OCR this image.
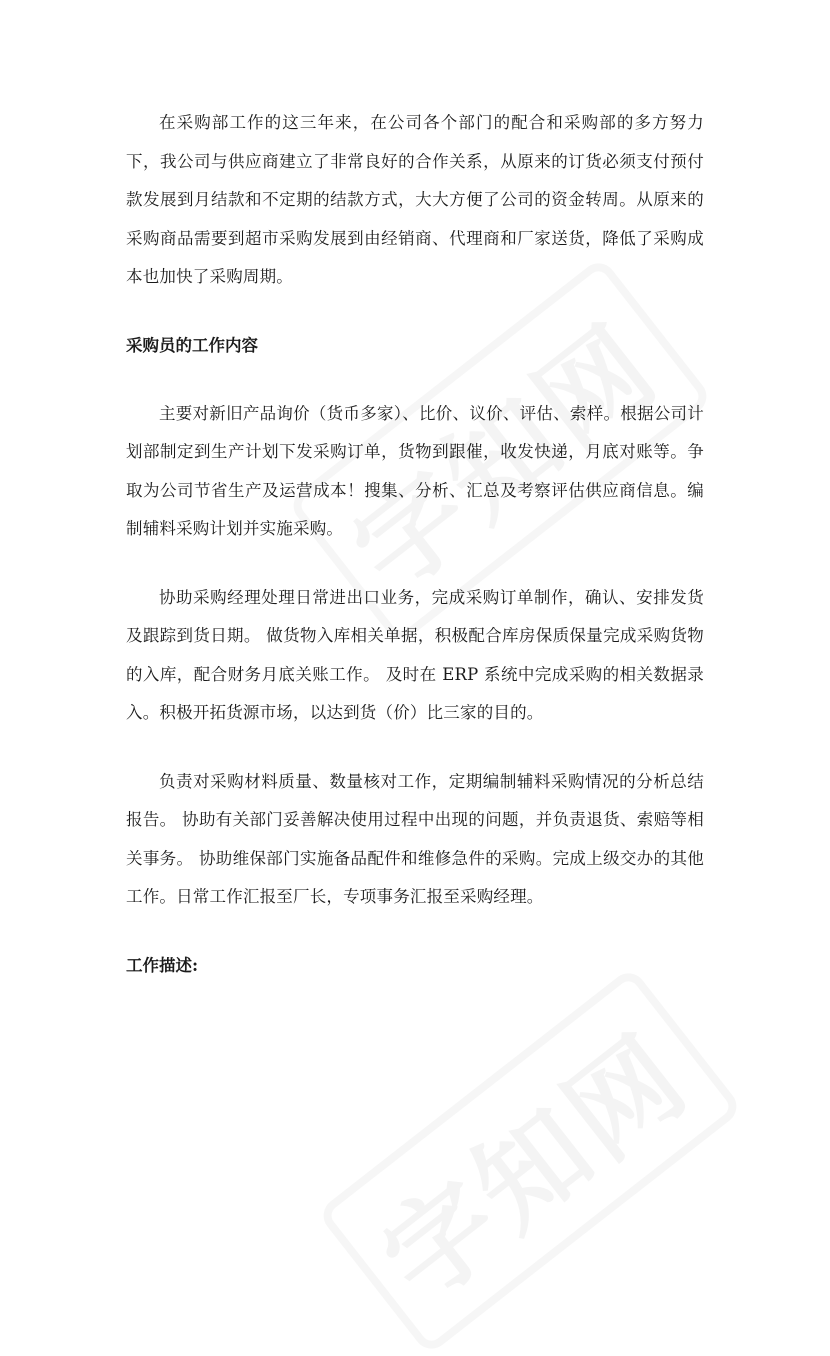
在采购部工作的这三年来，在公司各个部门的配合和采购部的多方努力下，我公司与供应商建立了非常良好的合作关系，从原来的订货必须支付预付款发展到月结款和不定期的结款方式，大大方便了公司的资金转周。从原来的采购商品需要到超市采购发展到由经销商、代理商和厂家送货，降低了采购成本也加快了采购周期。

采购员的工作内容

主要对新旧产品询价（货币多家）、比价、议价、评估、索样。根据公司计划部制定到生产计划下发采购订单，货物到跟催，收发快递，月底对账等。争取为公司节省生产及运营成本！搜集、分析、汇总及考察评估供应商信息。编制辅料采购计划并实施采购。

协助采购经理处理日常进出口业务，完成采购订单制作，确认、安排发货及跟踪到货日期。 做货物入库相关单据，积极配合库房保质保量完成采购货物的入库，配合财务月底关账工作。 及时在 ERP 系统中完成采购的相关数据录入。积极开拓货源市场，以达到货（价）比三家的目的。

负责对采购材料质量、数量核对工作，定期编制辅料采购情况的分析总结报告。 协助有关部门妥善解决使用过程中出现的问题，并负责退货、索赔等相关事务。 协助维保部门实施备品配件和维修急件的采购。完成上级交办的其他工作。日常工作汇报至厂长，专项事务汇报至采购经理。

工作描述:
